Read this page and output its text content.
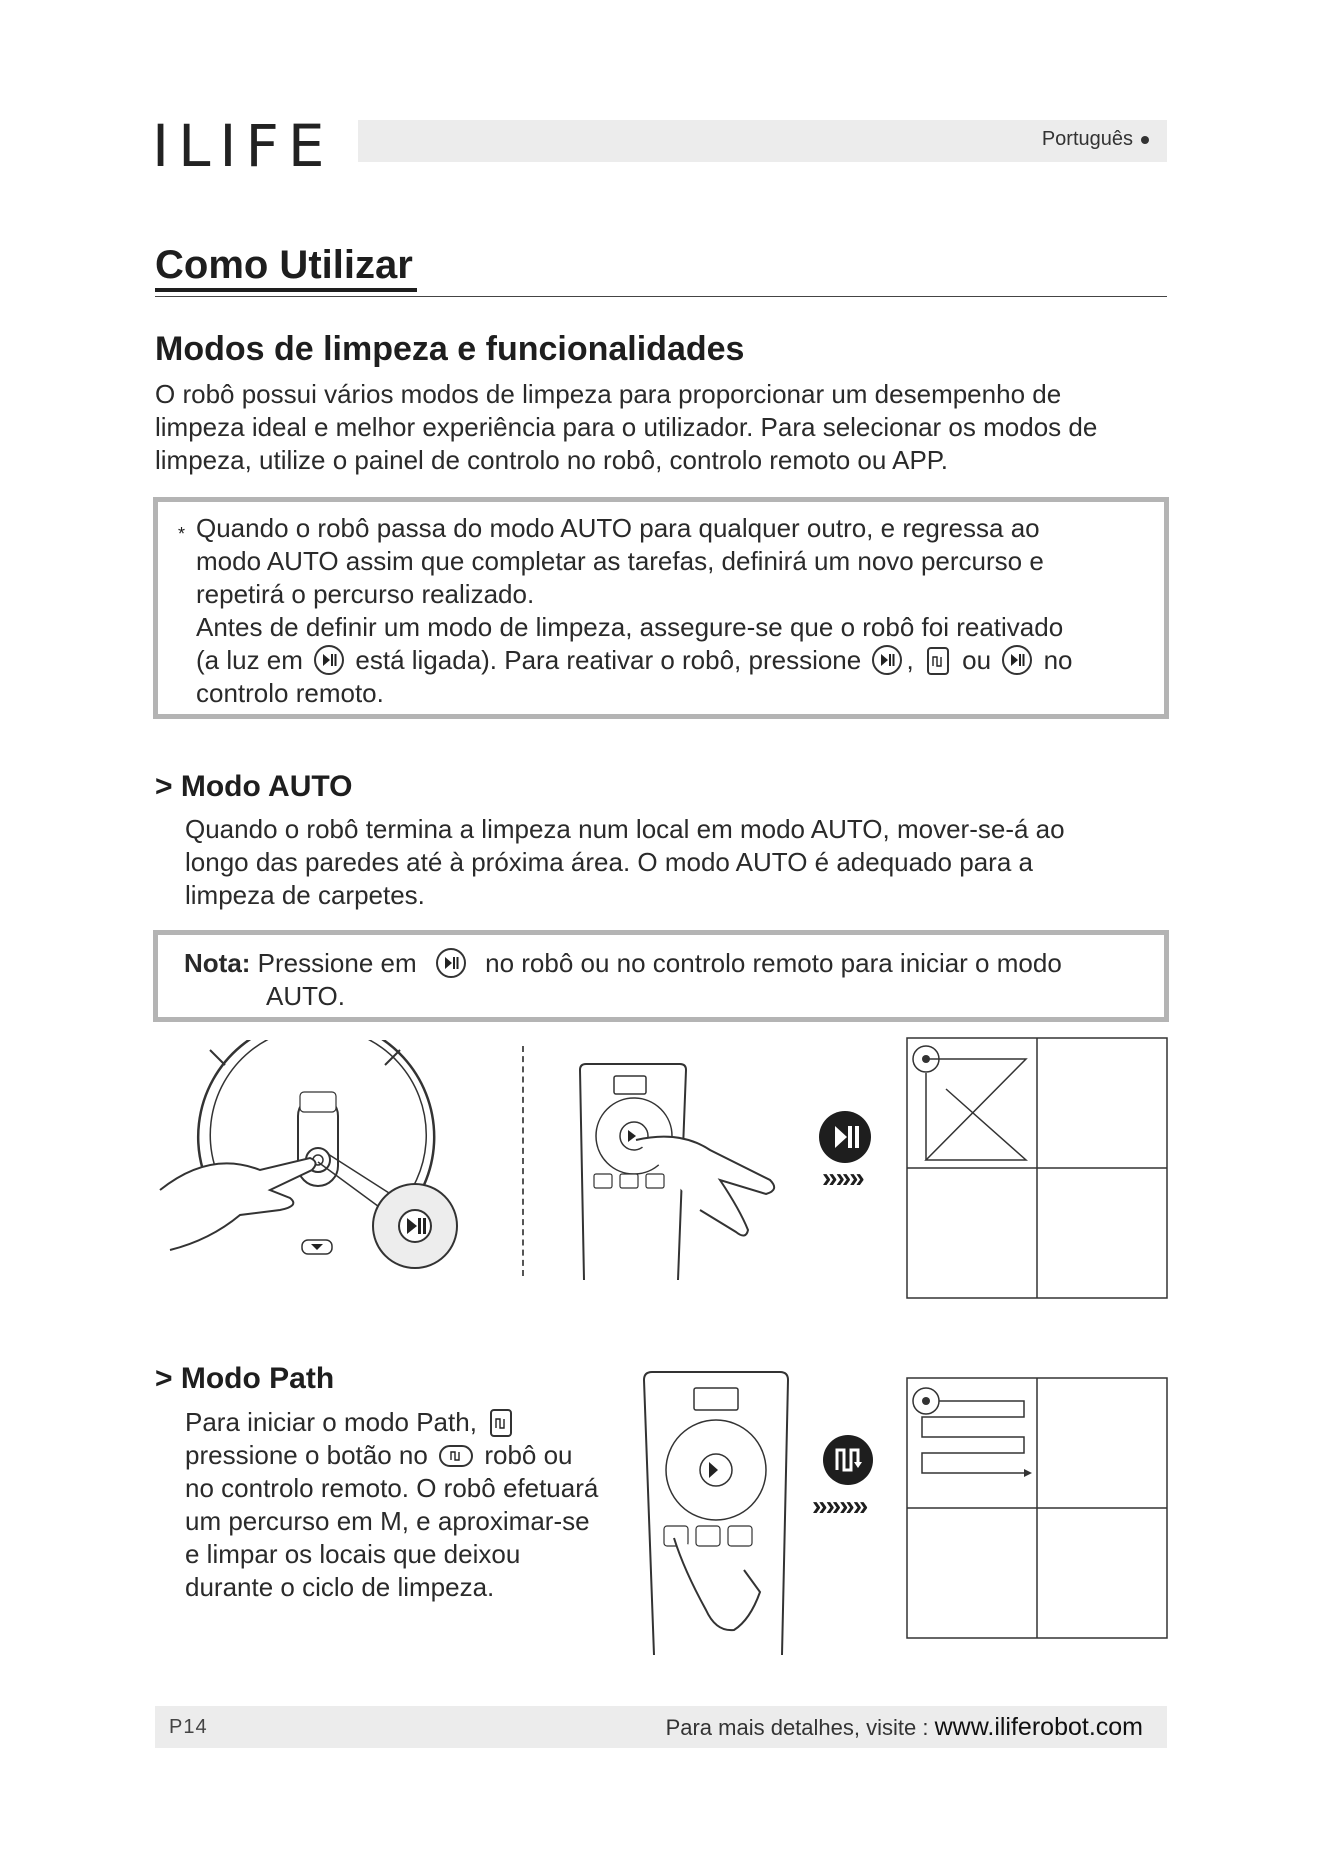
ILIFE	Português
Como Utilizar
Modos de limpeza e funcionalidades
O robô possui vários modos de limpeza para proporcionar um desempenho de
limpeza ideal e melhor experiência para o utilizador. Para selecionar os modos de
limpeza, utilize o painel de controlo no robô, controlo remoto ou APP.
* Quando o robô passa do modo AUTO para qualquer outro, e regressa ao
modo AUTO assim que completar as tarefas, definirá um novo percurso e
repetirá o percurso realizado.
Antes de definir um modo de limpeza, assegure-se que o robô foi reativado
(a luz em está ligada). Para reativar o robô, pressione , ou no
controlo remoto.
> Modo AUTO
Quando o robô termina a limpeza num local em modo AUTO, mover-se-á ao
longo das paredes até à próxima área. O modo AUTO é adequado para a
limpeza de carpetes.
Nota: Pressione em	no robô ou no controlo remoto para iniciar o modo
AUTO.
»»»
> Modo Path
Para iniciar o modo Path,
pressione o botão no robô ou
no controlo remoto. O robô efetuará
um percurso em M, e aproximar-se
e limpar os locais que deixou
durante o ciclo de limpeza.
»»»»
P14	Para mais detalhes, visite : www.iliferobot.com
